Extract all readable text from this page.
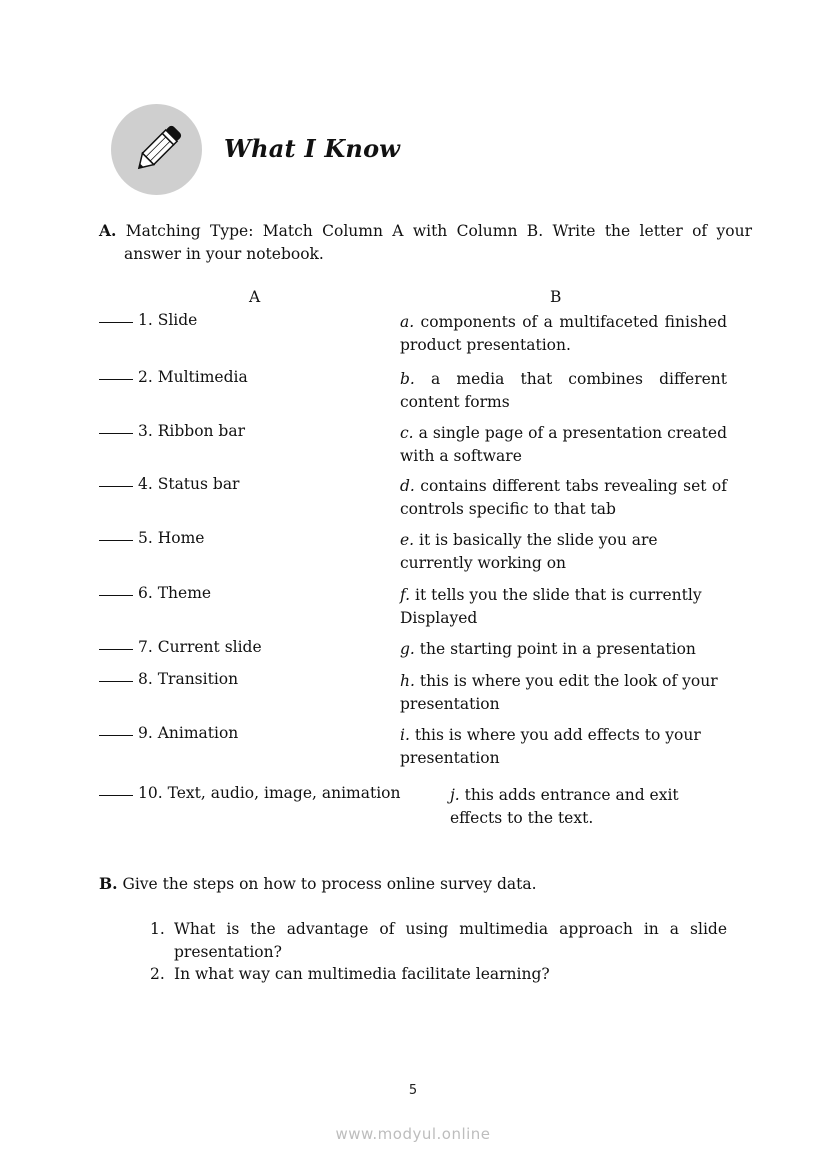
What I Know
A. Matching Type: Match Column A with Column B. Write the letter of your answer in your notebook.
A	B
1. Slide	a. components of a multifaceted finished product presentation.
2. Multimedia	b. a media that combines different content forms
3. Ribbon bar	c. a single page of a presentation created with a software
4. Status bar	d. contains different tabs revealing set of controls specific to that tab
5. Home	e. it is basically the slide you are currently working on
6. Theme	f. it tells you the slide that is currently Displayed
7. Current slide	g. the starting point in a presentation
8. Transition	h. this is where you edit the look of your presentation
9. Animation	i. this is where you add effects to your presentation
10. Text, audio, image, animation	j. this adds entrance and exit effects to the text.
B. Give the steps on how to process online survey data.
1. What is the advantage of using multimedia approach in a slide presentation?
2. In what way can multimedia facilitate learning?
5
www.modyul.online
